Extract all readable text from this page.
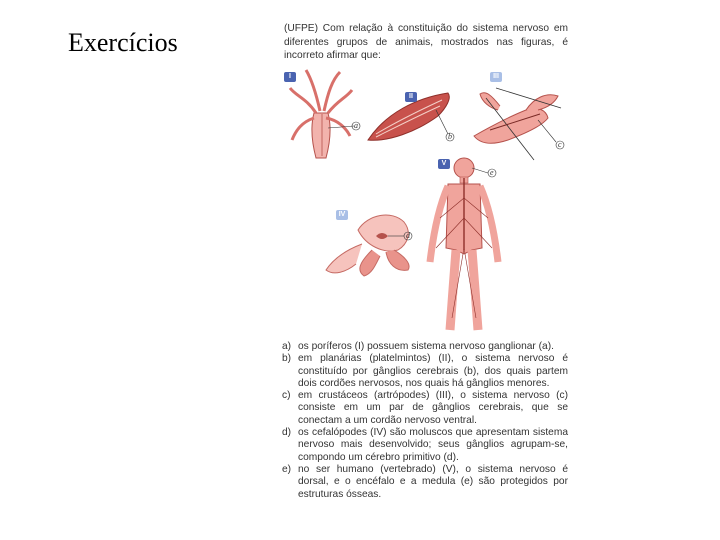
Exercícios	(UFPE) Com relação à constituição do sistema nervoso em diferentes grupos de animais, mostrados nas figuras, é incorreto afirmar que:
I
II
III
IV
V
a
b
c
d
e
a) os poríferos (I) possuem sistema nervoso ganglionar (a).
b) em planárias (platelmintos) (II), o sistema nervoso é constituído por gânglios cerebrais (b), dos quais partem dois cordões nervosos, nos quais há gânglios menores.
c) em crustáceos (artrópodes) (III), o sistema nervoso (c) consiste em um par de gânglios cerebrais, que se conectam a um cordão nervoso ventral.
d) os cefalópodes (IV) são moluscos que apresentam sistema nervoso mais desenvolvido; seus gânglios agrupam-se, compondo um cérebro primitivo (d).
e) no ser humano (vertebrado) (V), o sistema nervoso é dorsal, e o encéfalo e a medula (e) são protegidos por estruturas ósseas.
